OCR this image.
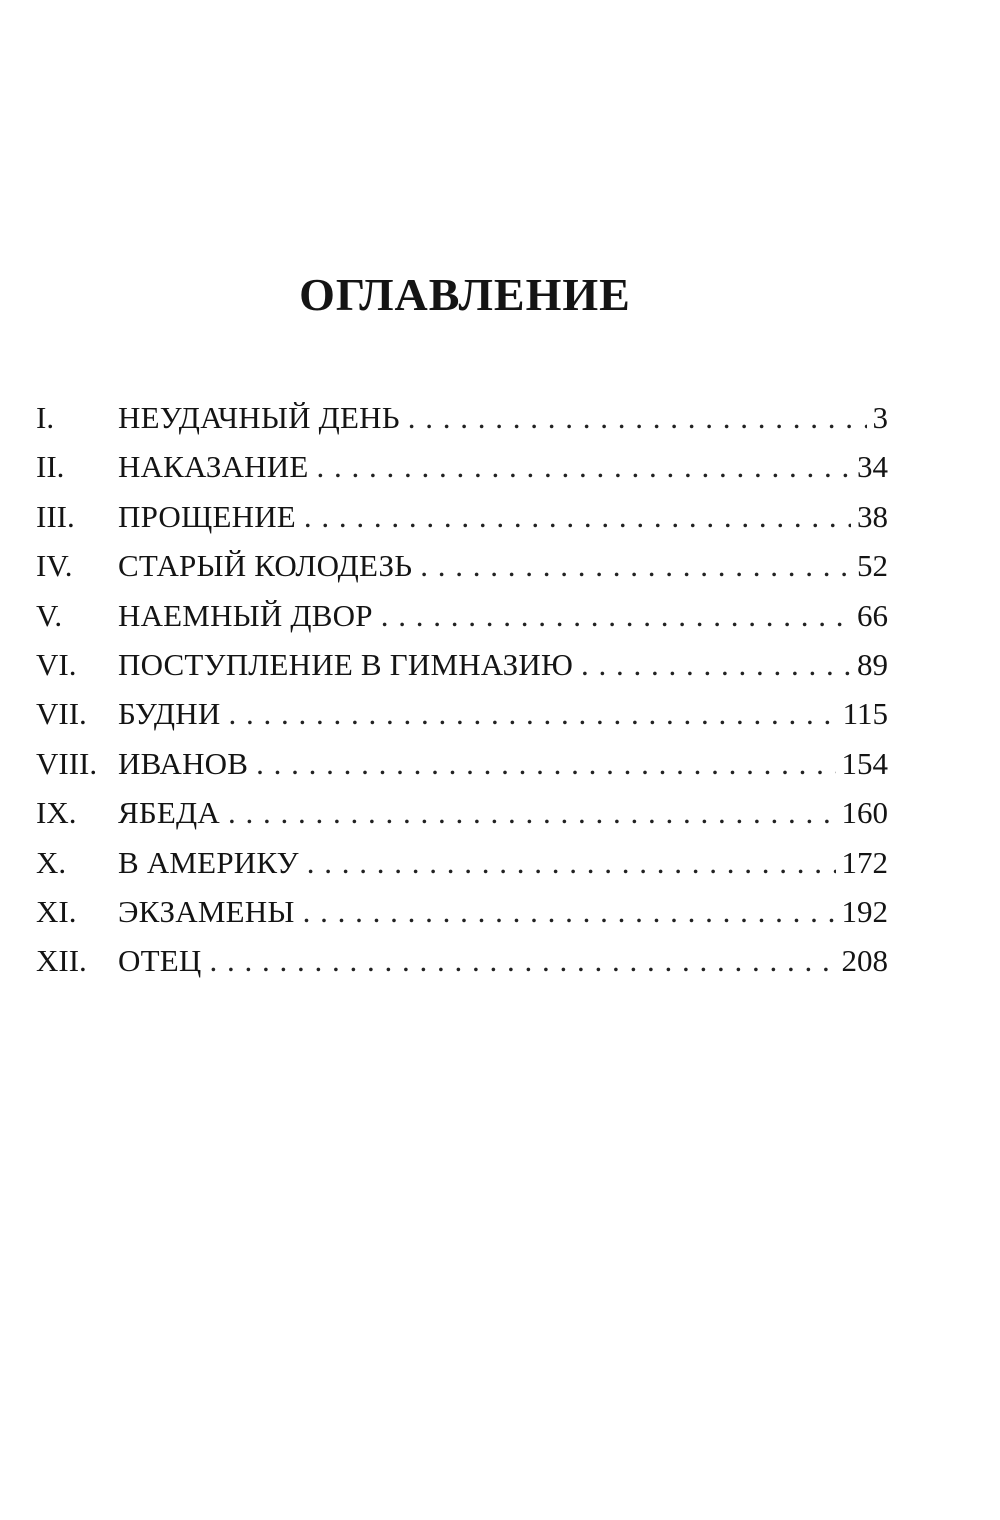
ОГЛАВЛЕНИЕ
I.	НЕУДАЧНЫЙ ДЕНЬ . . .	3
II.	НАКАЗАНИЕ . . .	34
III.	ПРОЩЕНИЕ . . .	38
IV.	СТАРЫЙ КОЛОДЕЗЬ . . .	52
V.	НАЕМНЫЙ ДВОР . . .	66
VI.	ПОСТУПЛЕНИЕ В ГИМНАЗИЮ . . .	89
VII.	БУДНИ . . .	115
VIII. ИВАНОВ . . .	154
IX.	ЯБЕДА . . .	160
X.	В АМЕРИКУ . . .	172
XI.	ЭКЗАМЕНЫ . . .	192
XII.	ОТЕЦ . . .	208
